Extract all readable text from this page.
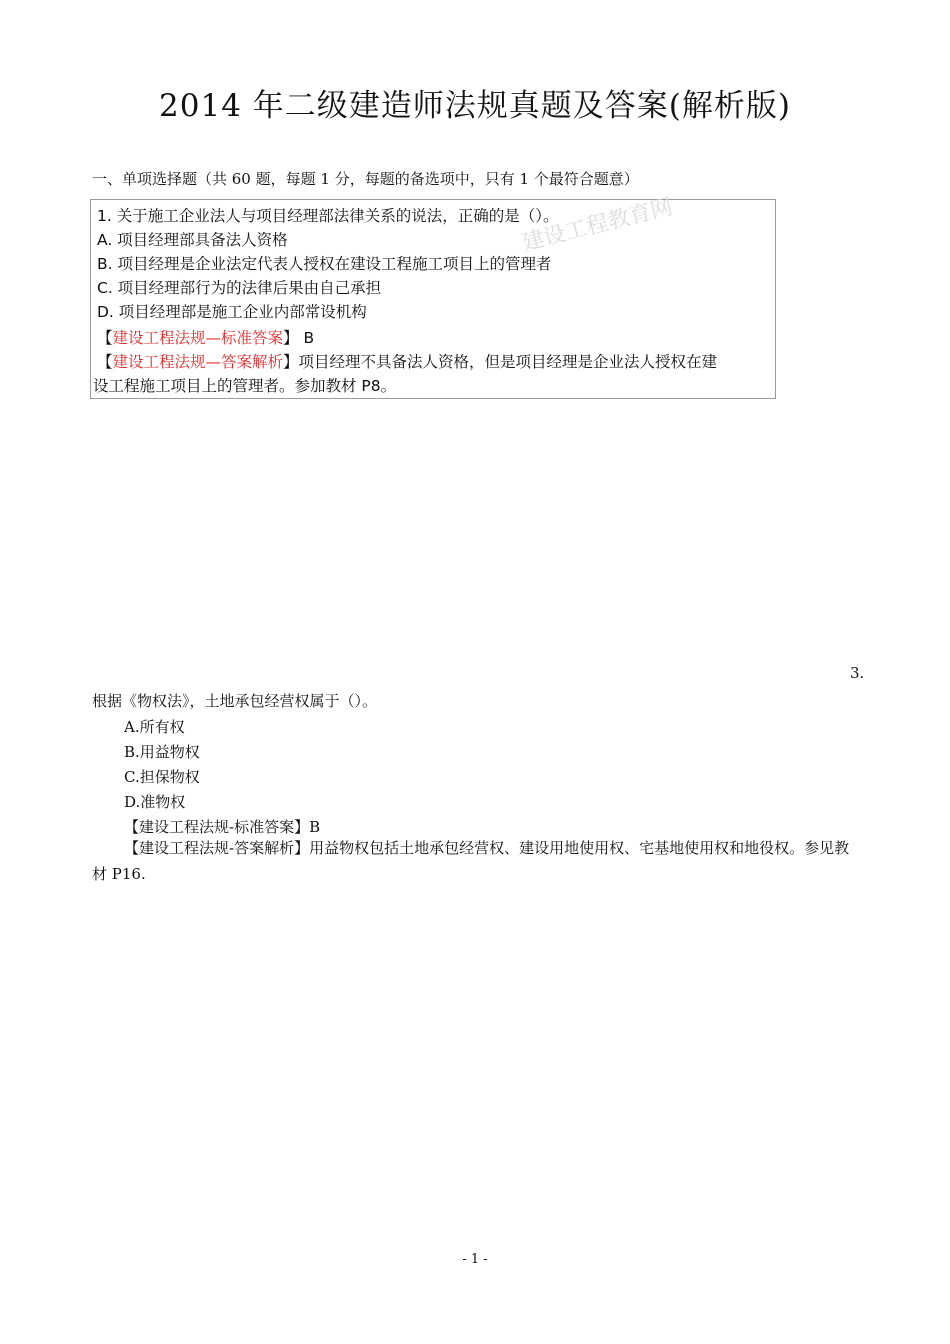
2014 年二级建造师法规真题及答案(解析版)
一、单项选择题（共 60 题，每题 1 分，每题的备选项中，只有 1 个最符合题意）
1. 关于施工企业法人与项目经理部法律关系的说法，正确的是（）。
A. 项目经理部具备法人资格
B. 项目经理是企业法定代表人授权在建设工程施工项目上的管理者
C. 项目经理部行为的法律后果由自己承担
D. 项目经理部是施工企业内部常设机构
【建设工程法规—标准答案】 B
【建设工程法规—答案解析】项目经理不具备法人资格，但是项目经理是企业法人授权在建
设工程施工项目上的管理者。参加教材 P8。
建设工程教育网
3.
根据《物权法》，土地承包经营权属于（）。
A.所有权
B.用益物权
C.担保物权
D.准物权
【建设工程法规-标准答案】B
【建设工程法规-答案解析】用益物权包括土地承包经营权、建设用地使用权、宅基地使用权和地役权。参见教材 P16.
- 1 -
